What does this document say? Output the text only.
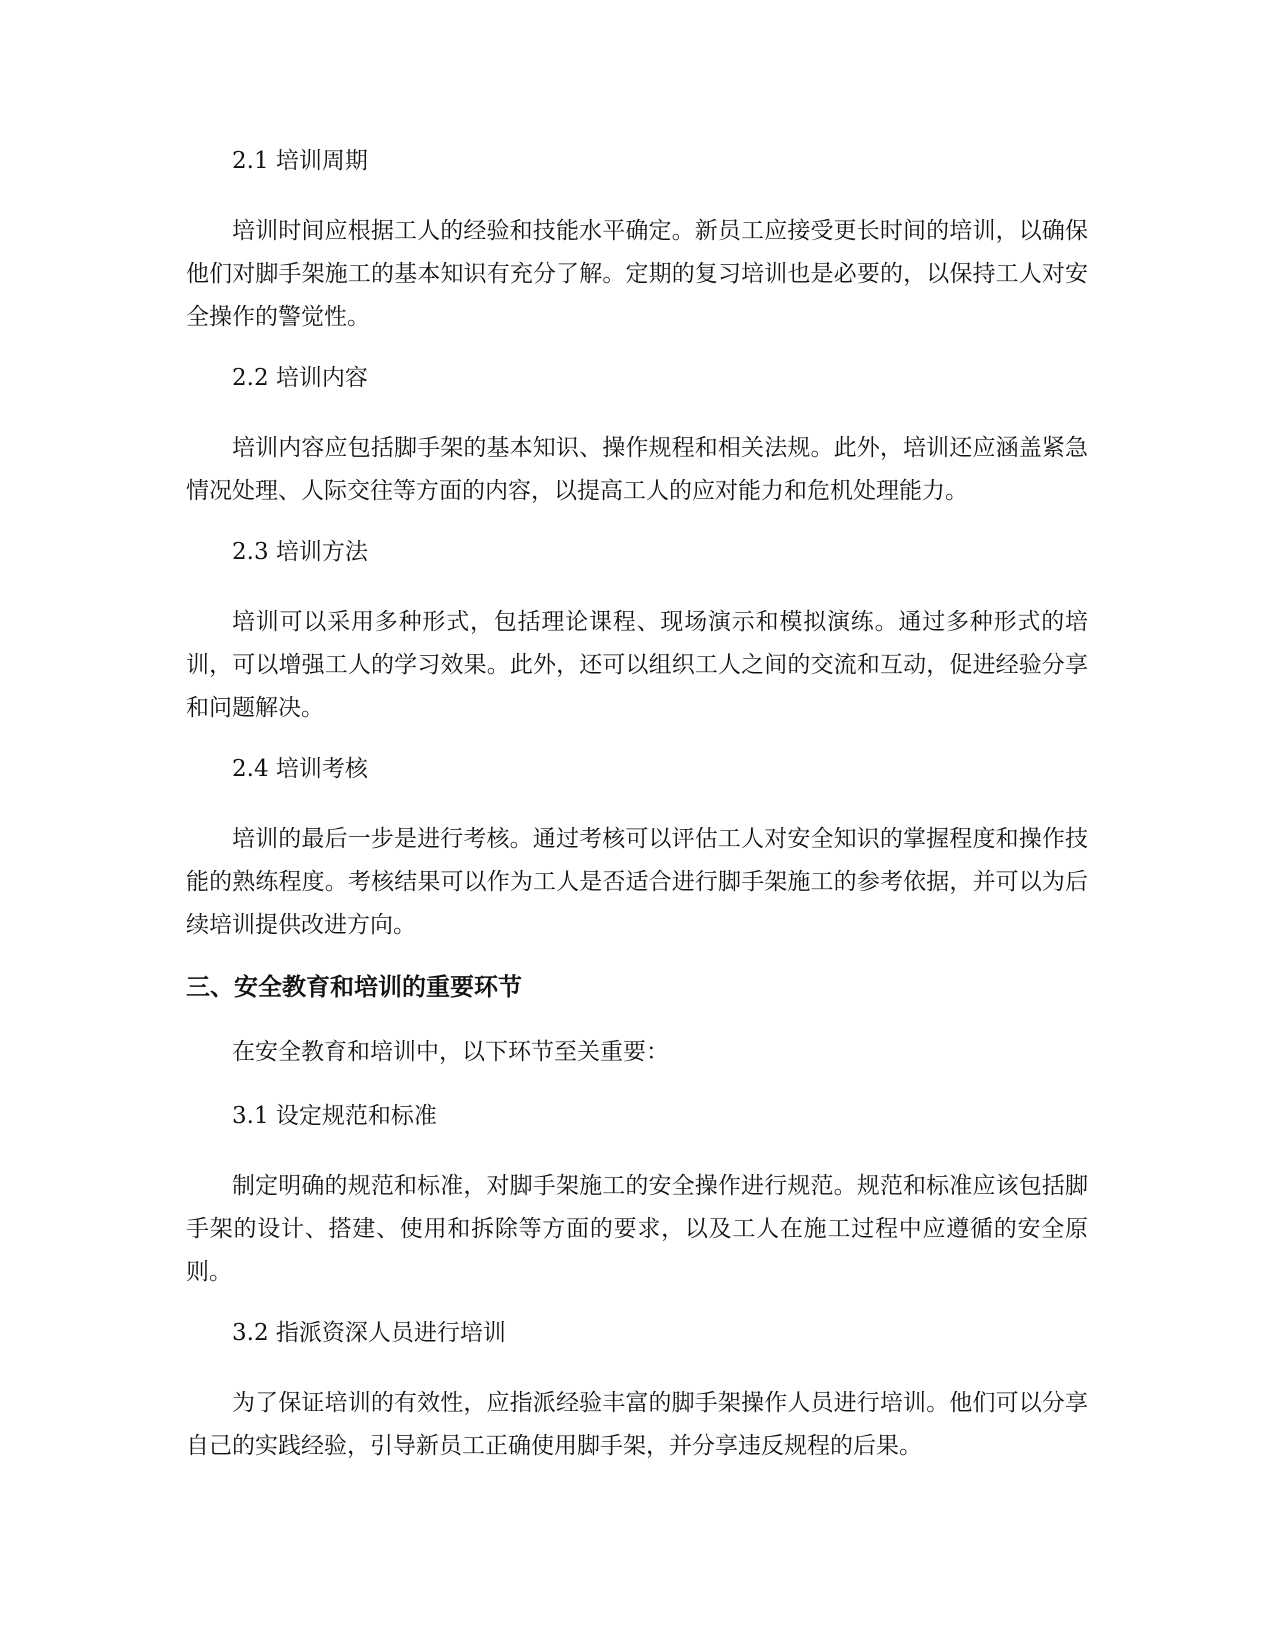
2.1 培训周期

培训时间应根据工人的经验和技能水平确定。新员工应接受更长时间的培训，以确保他们对脚手架施工的基本知识有充分了解。定期的复习培训也是必要的，以保持工人对安全操作的警觉性。

2.2 培训内容

培训内容应包括脚手架的基本知识、操作规程和相关法规。此外，培训还应涵盖紧急情况处理、人际交往等方面的内容，以提高工人的应对能力和危机处理能力。

2.3 培训方法

培训可以采用多种形式，包括理论课程、现场演示和模拟演练。通过多种形式的培训，可以增强工人的学习效果。此外，还可以组织工人之间的交流和互动，促进经验分享和问题解决。

2.4 培训考核

培训的最后一步是进行考核。通过考核可以评估工人对安全知识的掌握程度和操作技能的熟练程度。考核结果可以作为工人是否适合进行脚手架施工的参考依据，并可以为后续培训提供改进方向。

三、安全教育和培训的重要环节
在安全教育和培训中，以下环节至关重要：
3.1 设定规范和标准

制定明确的规范和标准，对脚手架施工的安全操作进行规范。规范和标准应该包括脚手架的设计、搭建、使用和拆除等方面的要求，以及工人在施工过程中应遵循的安全原则。

3.2 指派资深人员进行培训

为了保证培训的有效性，应指派经验丰富的脚手架操作人员进行培训。他们可以分享自己的实践经验，引导新员工正确使用脚手架，并分享违反规程的后果。
